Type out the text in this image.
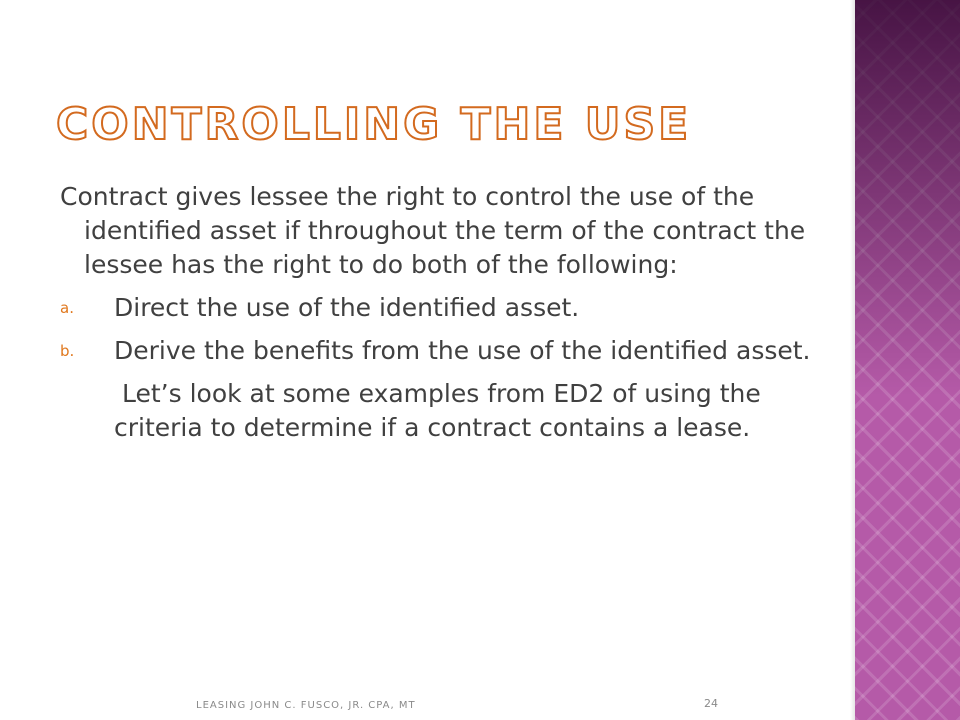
CONTROLLING THE USE

Contract gives lessee the right to control the use of the identified asset if throughout the term of the contract the lessee has the right to do both of the following:

a. Direct the use of the identified asset.
b. Derive the benefits from the use of the identified asset.

Let’s look at some examples from ED2 of using the criteria to determine if a contract contains a lease.

LEASING JOHN C. FUSCO, JR. CPA, MT	24
